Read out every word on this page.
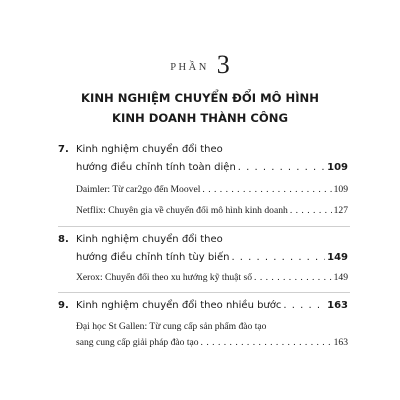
PHẦN 3
KINH NGHIỆM CHUYỂN ĐỔI MÔ HÌNH
KINH DOANH THÀNH CÔNG
7. Kinh nghiệm chuyển đổi theo
hướng điều chỉnh tính toàn diện . . .	109
Daimler: Từ car2go đến Moovel . . .	109
Netflix: Chuyên gia về chuyển đổi mô hình kinh doanh . . .	127
8. Kinh nghiệm chuyển đổi theo
hướng điều chỉnh tính tùy biến . . .	149
Xerox: Chuyển đổi theo xu hướng kỹ thuật số . . .	149
9. Kinh nghiệm chuyển đổi theo nhiều bước . . .	163
Đại học St Gallen: Từ cung cấp sản phẩm đào tạo
sang cung cấp giải pháp đào tạo . . .	163
